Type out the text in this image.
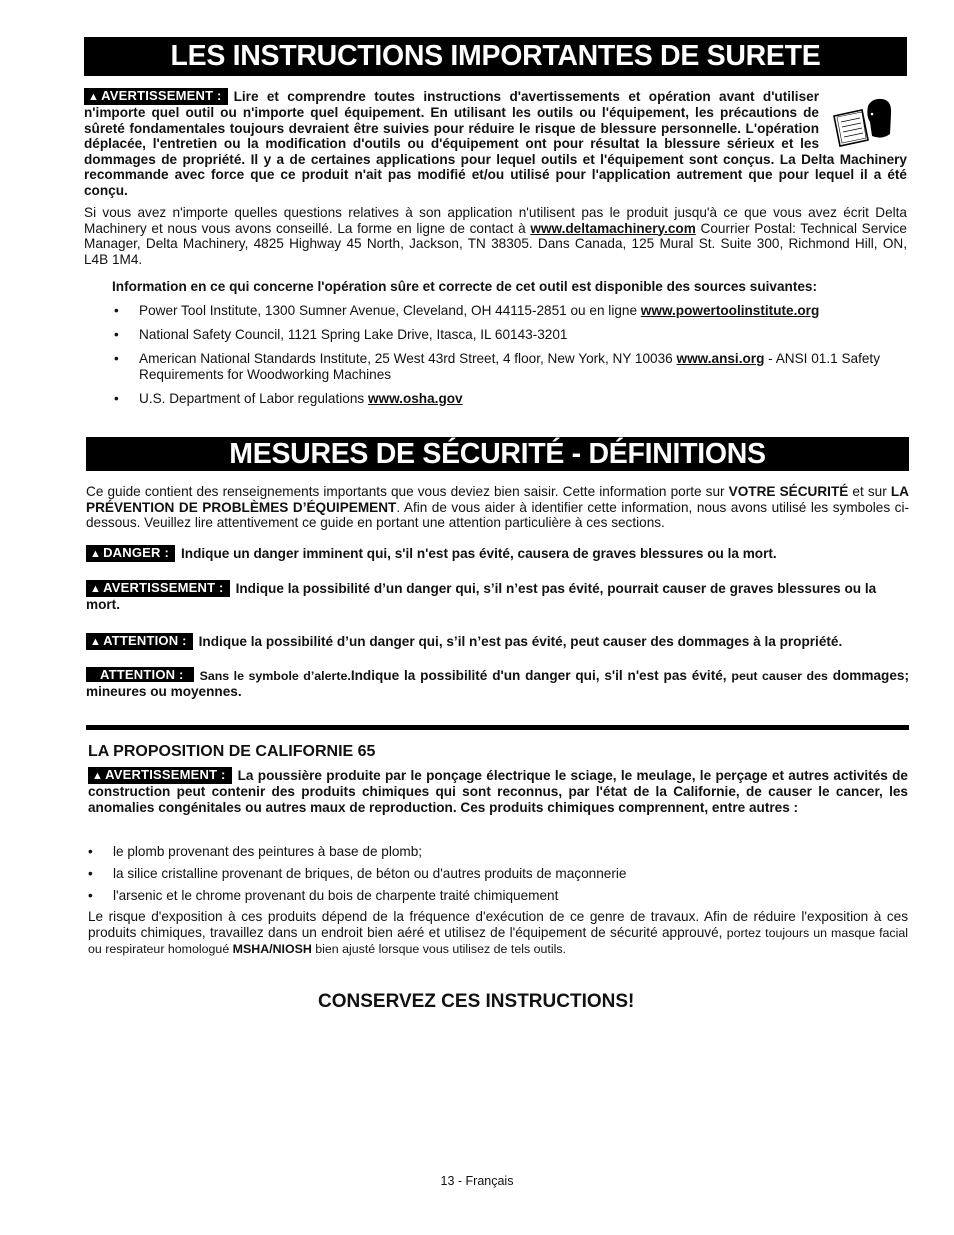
LES INSTRUCTIONS IMPORTANTES DE SURETE
▲ AVERTISSEMENT : Lire et comprendre toutes instructions d'avertissements et opération avant d'utiliser n'importe quel outil ou n'importe quel équipement. En utilisant les outils ou l'équipement, les précautions de sûreté fondamentales toujours devraient être suivies pour réduire le risque de blessure personnelle. L'opération déplacée, l'entretien ou la modification d'outils ou d'équipement ont pour résultat la blessure sérieux et les dommages de propriété. Il y a de certaines applications pour lequel outils et l'équipement sont conçus. La Delta Machinery recommande avec force que ce produit n'ait pas modifié et/ou utilisé pour l'application autrement que pour lequel il a été conçu.
Si vous avez n'importe quelles questions relatives à son application n'utilisent pas le produit jusqu'à ce que vous avez écrit Delta Machinery et nous vous avons conseillé. La forme en ligne de contact à www.deltamachinery.com Courrier Postal: Technical Service Manager, Delta Machinery, 4825 Highway 45 North, Jackson, TN 38305. Dans Canada, 125 Mural St. Suite 300, Richmond Hill, ON, L4B 1M4.
Information en ce qui concerne l'opération sûre et correcte de cet outil est disponible des sources suivantes:
• Power Tool Institute, 1300 Sumner Avenue, Cleveland, OH 44115-2851 ou en ligne www.powertoolinstitute.org
• National Safety Council, 1121 Spring Lake Drive, Itasca, IL 60143-3201
• American National Standards Institute, 25 West 43rd Street, 4 floor, New York, NY 10036 www.ansi.org - ANSI 01.1 Safety Requirements for Woodworking Machines
• U.S. Department of Labor regulations www.osha.gov
MESURES DE SÉCURITÉ - DÉFINITIONS
Ce guide contient des renseignements importants que vous deviez bien saisir. Cette information porte sur VOTRE SÉCURITÉ et sur LA PRÉVENTION DE PROBLÈMES D’ÉQUIPEMENT. Afin de vous aider à identifier cette information, nous avons utilisé les symboles ci-dessous. Veuillez lire attentivement ce guide en portant une attention particulière à ces sections.
▲ DANGER : Indique un danger imminent qui, s'il n'est pas évité, causera de graves blessures ou la mort.
▲ AVERTISSEMENT : Indique la possibilité d’un danger qui, s’il n’est pas évité, pourrait causer de graves blessures ou la mort.
▲ ATTENTION : Indique la possibilité d’un danger qui, s’il n’est pas évité, peut causer des dommages à la propriété.
ATTENTION : Sans le symbole d’alerte.Indique la possibilité d'un danger qui, s'il n'est pas évité, peut causer des dommages; mineures ou moyennes.
LA PROPOSITION DE CALIFORNIE 65
▲ AVERTISSEMENT : La poussière produite par le ponçage électrique le sciage, le meulage, le perçage et autres activités de construction peut contenir des produits chimiques qui sont reconnus, par l'état de la Californie, de causer le cancer, les anomalies congénitales ou autres maux de reproduction. Ces produits chimiques comprennent, entre autres :
• le plomb provenant des peintures à base de plomb;
• la silice cristalline provenant de briques, de béton ou d'autres produits de maçonnerie
• l'arsenic et le chrome provenant du bois de charpente traité chimiquement
Le risque d'exposition à ces produits dépend de la fréquence d'exécution de ce genre de travaux. Afin de réduire l'exposition à ces produits chimiques, travaillez dans un endroit bien aéré et utilisez de l'équipement de sécurité approuvé, portez toujours un masque facial ou respirateur homologué MSHA/NIOSH bien ajusté lorsque vous utilisez de tels outils.
CONSERVEZ CES INSTRUCTIONS!
13 - Français
